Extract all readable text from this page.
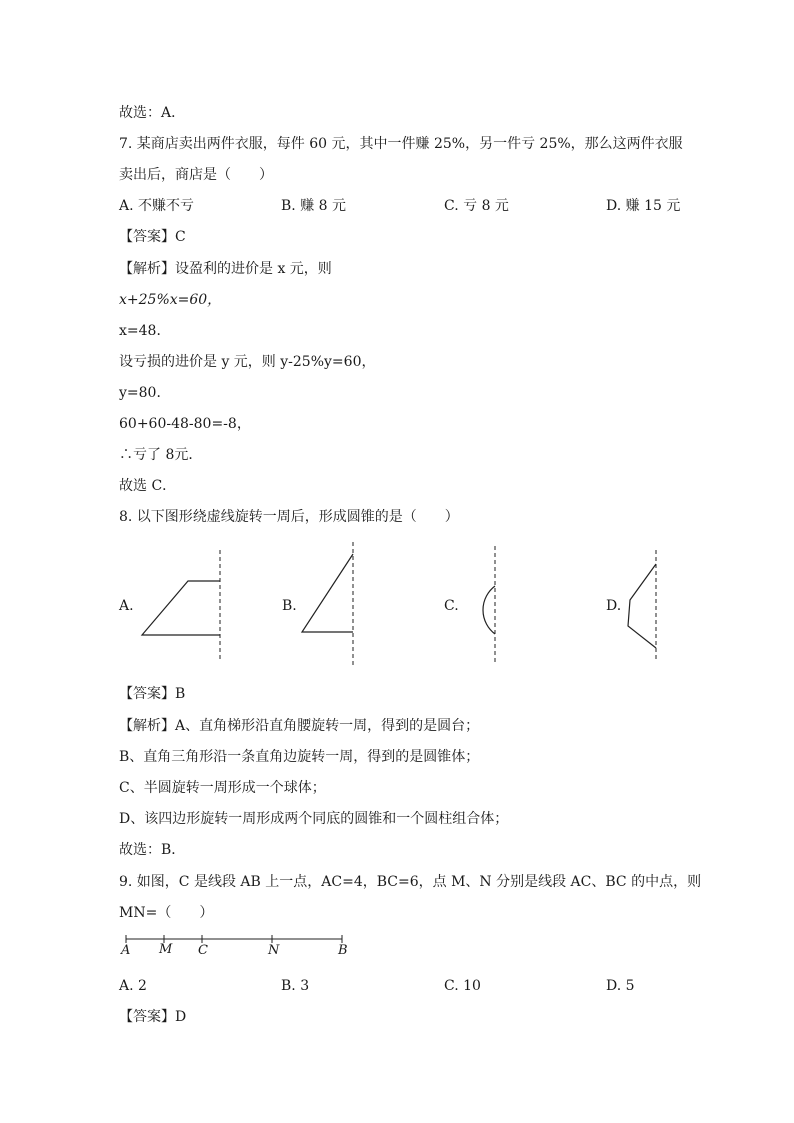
故选：A．
7. 某商店卖出两件衣服，每件 60 元，其中一件赚 25%，另一件亏 25%，那么这两件衣服
卖出后，商店是（　　）
A. 不赚不亏	B. 赚 8 元	C. 亏 8 元	D. 赚 15 元
【答案】C
【解析】设盈利的进价是 x 元，则
x+25%x=60，
x=48．
设亏损的进价是 y 元，则 y-25%y=60，
y=80．
60+60-48-80=-8，
∴亏了 8元．
故选 C．
8. 以下图形绕虚线旋转一周后，形成圆锥的是（　　）
A.	B.	C.	D.
【答案】B
【解析】A、直角梯形沿直角腰旋转一周，得到的是圆台；
B、直角三角形沿一条直角边旋转一周，得到的是圆锥体；
C、半圆旋转一周形成一个球体；
D、该四边形旋转一周形成两个同底的圆锥和一个圆柱组合体；
故选：B．
9. 如图，C 是线段 AB 上一点，AC=4，BC=6，点 M、N 分别是线段 AC、BC 的中点，则
MN=（　　）
A M C	N	B
A. 2	B. 3	C. 10	D. 5
【答案】D
